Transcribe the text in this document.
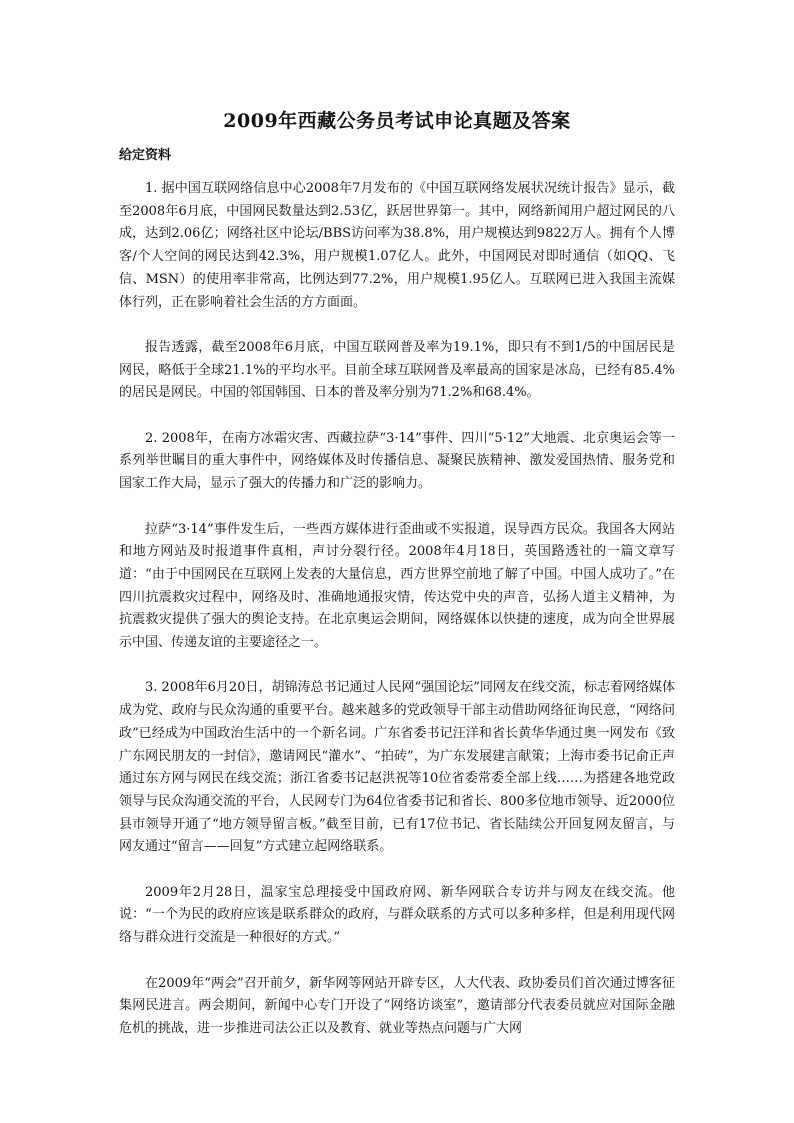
2009年西藏公务员考试申论真题及答案
给定资料

1. 据中国互联网络信息中心2008年7月发布的《中国互联网络发展状况统计报告》显示，截至2008年6月底，中国网民数量达到2.53亿，跃居世界第一。其中，网络新闻用户超过网民的八成，达到2.06亿；网络社区中论坛/BBS访问率为38.8%，用户规模达到9822万人。拥有个人博客/个人空间的网民达到42.3%，用户规模1.07亿人。此外，中国网民对即时通信（如QQ、飞信、MSN）的使用率非常高，比例达到77.2%，用户规模1.95亿人。互联网已进入我国主流媒体行列，正在影响着社会生活的方方面面。

报告透露，截至2008年6月底，中国互联网普及率为19.1%，即只有不到1/5的中国居民是网民，略低于全球21.1%的平均水平。目前全球互联网普及率最高的国家是冰岛，已经有85.4%的居民是网民。中国的邻国韩国、日本的普及率分别为71.2%和68.4%。

2. 2008年，在南方冰霜灾害、西藏拉萨“3·14”事件、四川“5·12”大地震、北京奥运会等一系列举世瞩目的重大事件中，网络媒体及时传播信息、凝聚民族精神、激发爱国热情、服务党和国家工作大局，显示了强大的传播力和广泛的影响力。

拉萨“3·14”事件发生后，一些西方媒体进行歪曲或不实报道，误导西方民众。我国各大网站和地方网站及时报道事件真相，声讨分裂行径。2008年4月18日，英国路透社的一篇文章写道：“由于中国网民在互联网上发表的大量信息，西方世界空前地了解了中国。中国人成功了。”在四川抗震救灾过程中，网络及时、准确地通报灾情，传达党中央的声音，弘扬人道主义精神，为抗震救灾提供了强大的舆论支持。在北京奥运会期间，网络媒体以快捷的速度，成为向全世界展示中国、传递友谊的主要途径之一。

3. 2008年6月20日，胡锦涛总书记通过人民网“强国论坛”同网友在线交流，标志着网络媒体成为党、政府与民众沟通的重要平台。越来越多的党政领导干部主动借助网络征询民意，“网络问政”已经成为中国政治生活中的一个新名词。广东省委书记汪洋和省长黄华华通过奥一网发布《致广东网民朋友的一封信》，邀请网民“灌水”、“拍砖”，为广东发展建言献策；上海市委书记俞正声通过东方网与网民在线交流；浙江省委书记赵洪祝等10位省委常委全部上线……为搭建各地党政领导与民众沟通交流的平台，人民网专门为64位省委书记和省长、800多位地市领导、近2000位县市领导开通了“地方领导留言板。”截至目前，已有17位书记、省长陆续公开回复网友留言，与网友通过“留言——回复”方式建立起网络联系。

2009年2月28日，温家宝总理接受中国政府网、新华网联合专访并与网友在线交流。他说：“一个为民的政府应该是联系群众的政府，与群众联系的方式可以多种多样，但是利用现代网络与群众进行交流是一种很好的方式。”

在2009年“两会”召开前夕，新华网等网站开辟专区，人大代表、政协委员们首次通过博客征集网民进言。两会期间，新闻中心专门开设了“网络访谈室”，邀请部分代表委员就应对国际金融危机的挑战，进一步推进司法公正以及教育、就业等热点问题与广大网
